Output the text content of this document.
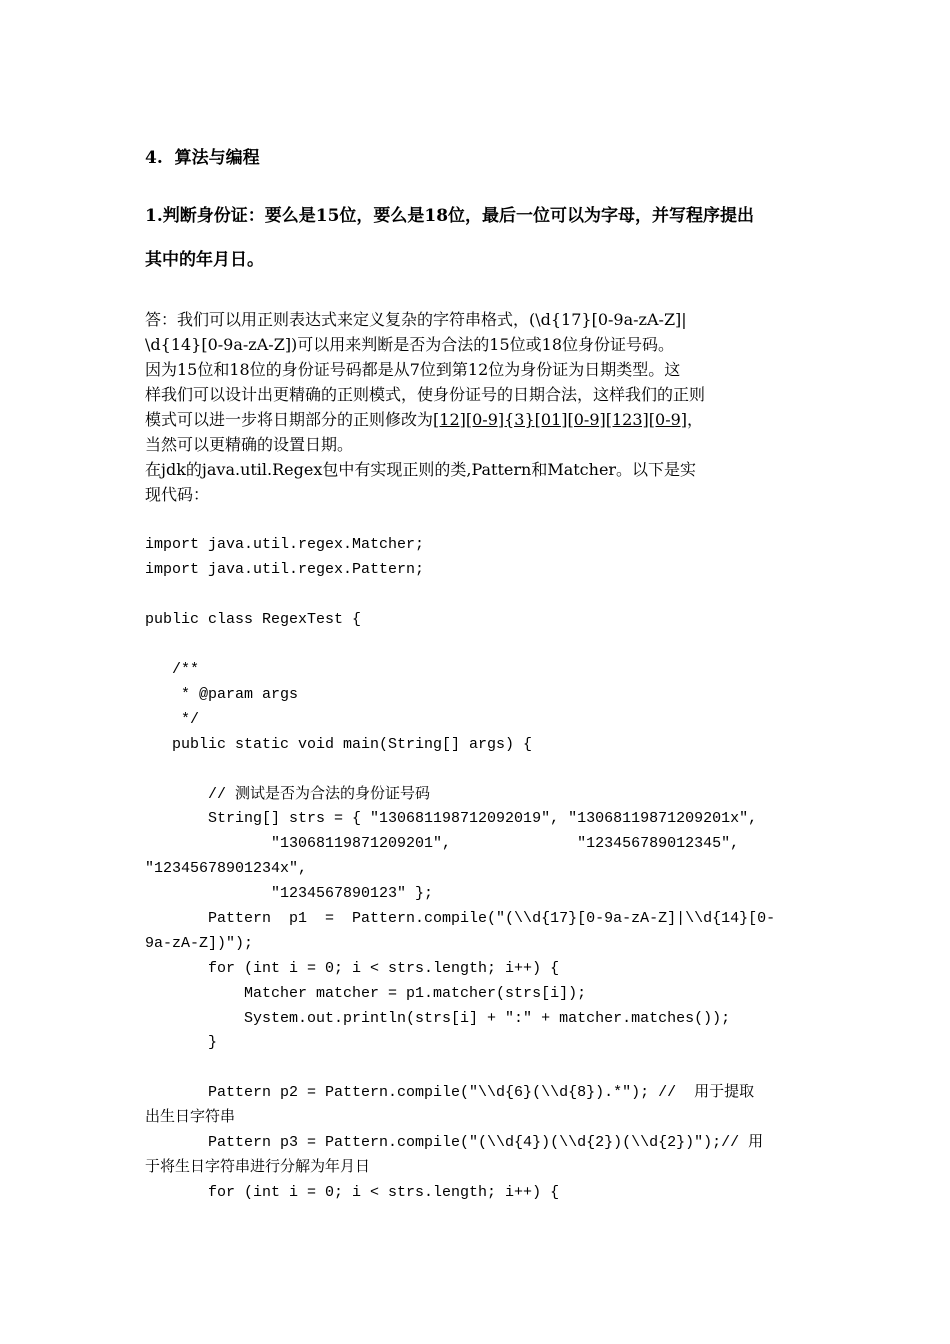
4.  算法与编程
1.判断身份证：要么是15位，要么是18位，最后一位可以为字母，并写程序提出
其中的年月日。
答：我们可以用正则表达式来定义复杂的字符串格式，(\d{17}[0-9a-zA-Z]|
\d{14}[0-9a-zA-Z])可以用来判断是否为合法的15位或18位身份证号码。
因为15位和18位的身份证号码都是从7位到第12位为身份证为日期类型。这
样我们可以设计出更精确的正则模式，使身份证号的日期合法，这样我们的正则
模式可以进一步将日期部分的正则修改为[12][0-9]{3}[01][0-9][123][0-9]，
当然可以更精确的设置日期。
在jdk的java.util.Regex包中有实现正则的类,Pattern和Matcher。以下是实
现代码：
import java.util.regex.Matcher;
import java.util.regex.Pattern;
public class RegexTest {
/**
* @param args
*/
public static void main(String[] args) {
// 测试是否为合法的身份证号码
String[] strs = { "130681198712092019", "13068119871209201x",
"13068119871209201",              "123456789012345",
"12345678901234x",
"1234567890123" };
Pattern  p1  =  Pattern.compile("(\\d{17}[0-9a-zA-Z]|\\d{14}[0-
9a-zA-Z])");
for (int i = 0; i < strs.length; i++) {
Matcher matcher = p1.matcher(strs[i]);
System.out.println(strs[i] + ":" + matcher.matches());
}
Pattern p2 = Pattern.compile("\\d{6}(\\d{8}).*"); //  用于提取
出生日字符串
Pattern p3 = Pattern.compile("(\\d{4})(\\d{2})(\\d{2})");// 用
于将生日字符串进行分解为年月日
for (int i = 0; i < strs.length; i++) {
